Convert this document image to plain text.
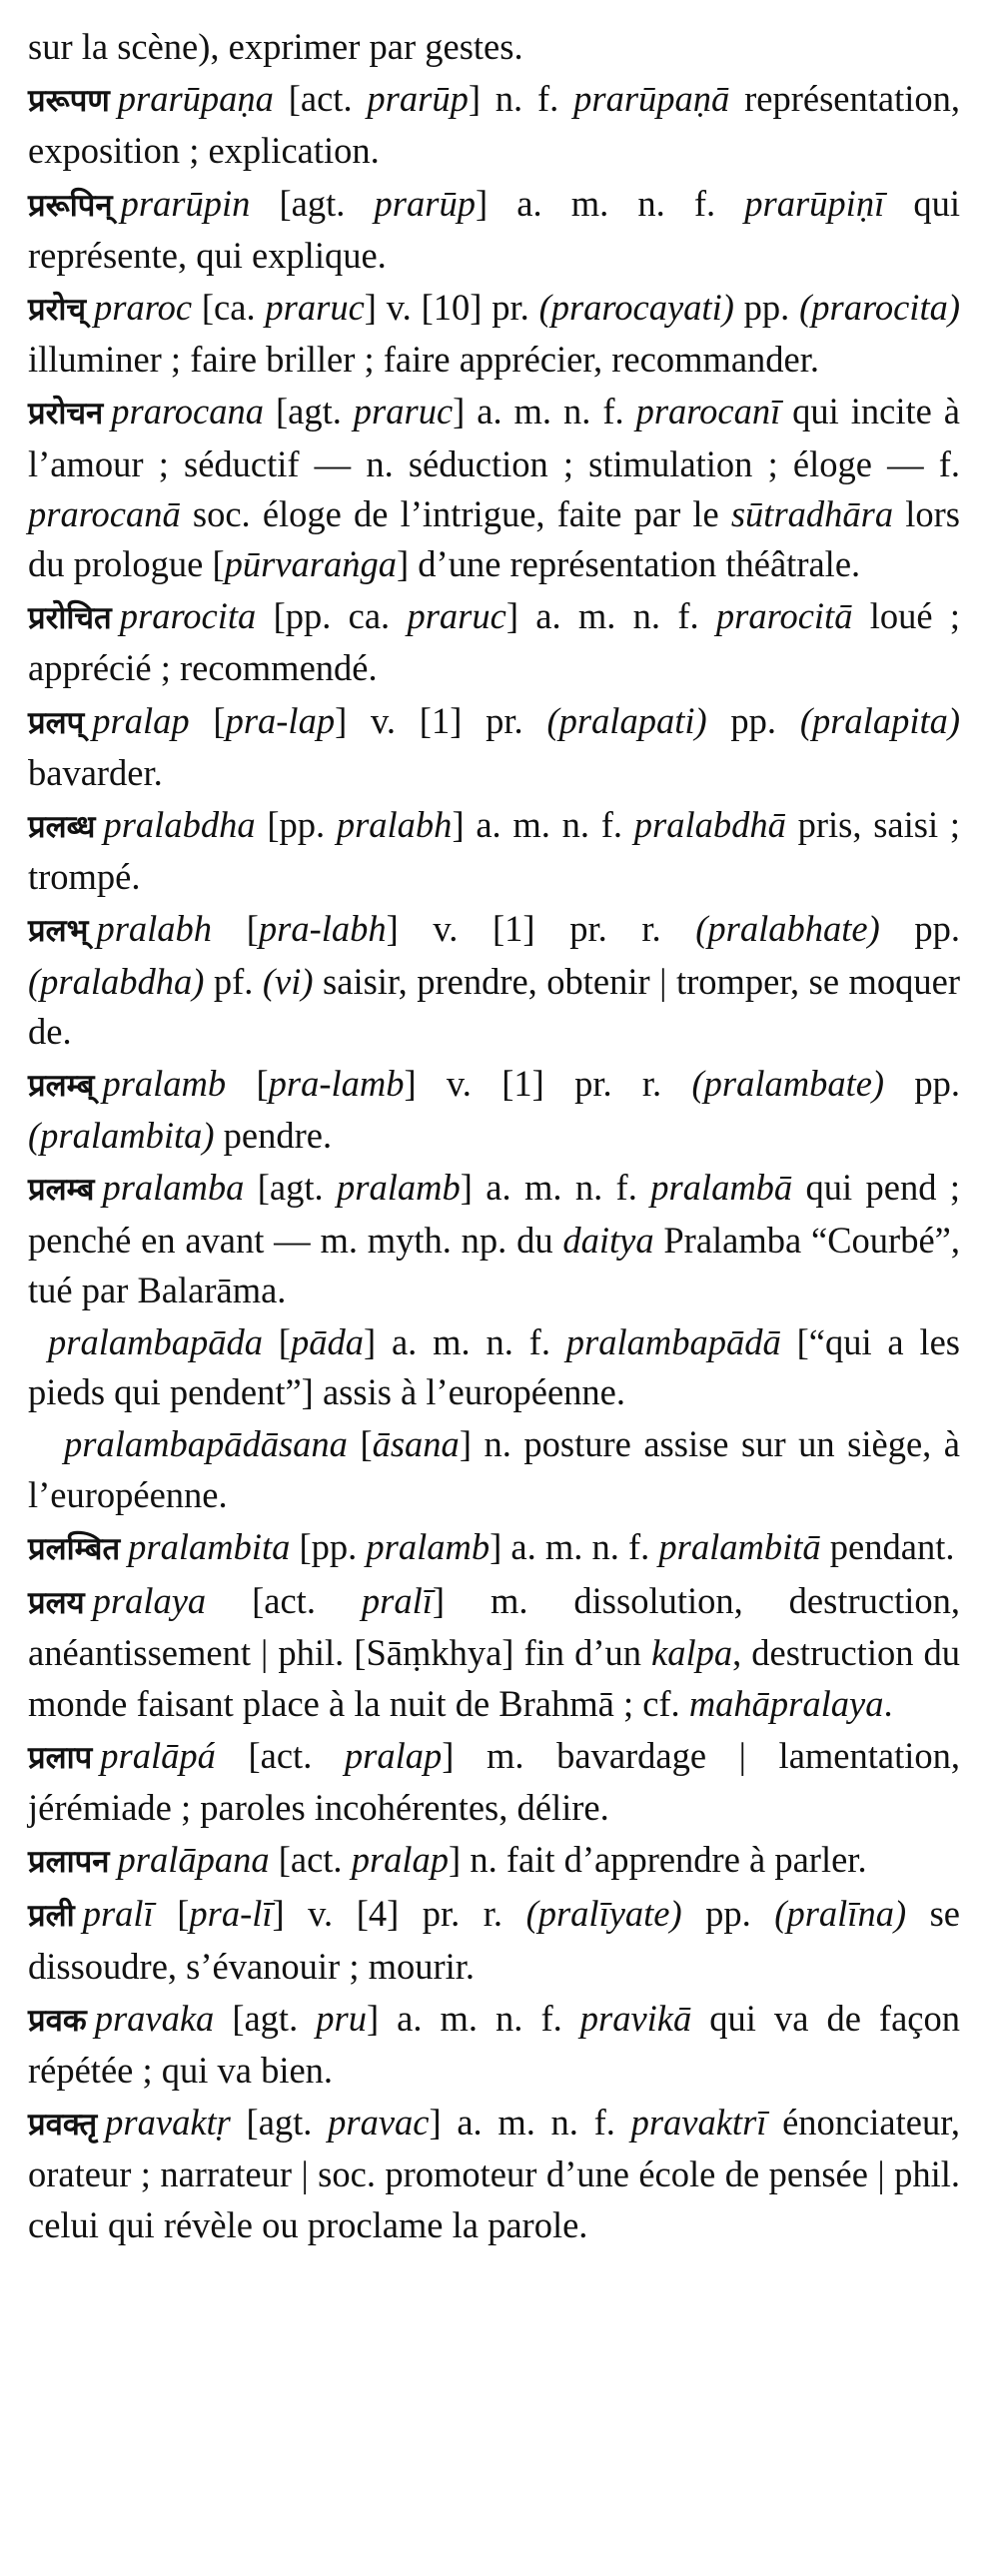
sur la scène), exprimer par gestes.

प्ररूपण prarūpaṇa [act. prarūp] n. f. prarūpaṇā représentation, exposition ; explication.

प्ररूपिन् prarūpin [agt. prarūp] a. m. n. f. prarūpiṇī qui représente, qui explique.

प्ररोच् praroc [ca. praruc] v. [10] pr. (prarocayati) pp. (prarocita) illuminer ; faire briller ; faire apprécier, recommander.

प्ररोचन prarocana [agt. praruc] a. m. n. f. prarocanī qui incite à l’amour ; séductif — n. séduction ; stimulation ; éloge — f. prarocanā soc. éloge de l’intrigue, faite par le sūtradhāra lors du prologue [pūrvaraṅga] d’une représentation théâtrale.

प्ररोचित prarocita [pp. ca. praruc] a. m. n. f. prarocitā loué ; apprécié ; recommendé.

प्रलप् pralap [pra-lap] v. [1] pr. (pralapati) pp. (pralapita) bavarder.

प्रलब्ध pralabdha [pp. pralabh] a. m. n. f. pralabdhā pris, saisi ; trompé.

प्रलभ् pralabh [pra-labh] v. [1] pr. r. (pralabhate) pp. (pralabdha) pf. (vi) saisir, prendre, obtenir | tromper, se moquer de.

प्रलम्ब् pralamb [pra-lamb] v. [1] pr. r. (pralambate) pp. (pralambita) pendre.

प्रलम्ब pralamba [agt. pralamb] a. m. n. f. pralambā qui pend ; penché en avant — m. myth. np. du daitya Pralamba “Courbé”, tué par Balarāma.

pralambapāda [pāda] a. m. n. f. pralambapādā [“qui a les pieds qui pendent”] assis à l’européenne.

pralambapādāsana [āsana] n. posture assise sur un siège, à l’européenne.

प्रलम्बित pralambita [pp. pralamb] a. m. n. f. pralambitā pendant.

प्रलय pralaya [act. pralī] m. dissolution, destruction, anéantissement | phil. [Sāṃkhya] fin d’un kalpa, destruction du monde faisant place à la nuit de Brahmā ; cf. mahāpralaya.

प्रलाप pralāpá [act. pralap] m. bavardage | lamentation, jérémiade ; paroles incohérentes, délire.

प्रलापन pralāpana [act. pralap] n. fait d’apprendre à parler.

प्रली pralī [pra-lī] v. [4] pr. r. (pralīyate) pp. (pralīna) se dissoudre, s’évanouir ; mourir.

प्रवक pravaka [agt. pru] a. m. n. f. pravikā qui va de façon répétée ; qui va bien.

प्रवक्तृ pravaktṛ [agt. pravac] a. m. n. f. pravaktrī énonciateur, orateur ; narrateur | soc. promoteur d’une école de pensée | phil. celui qui révèle ou proclame la parole.
